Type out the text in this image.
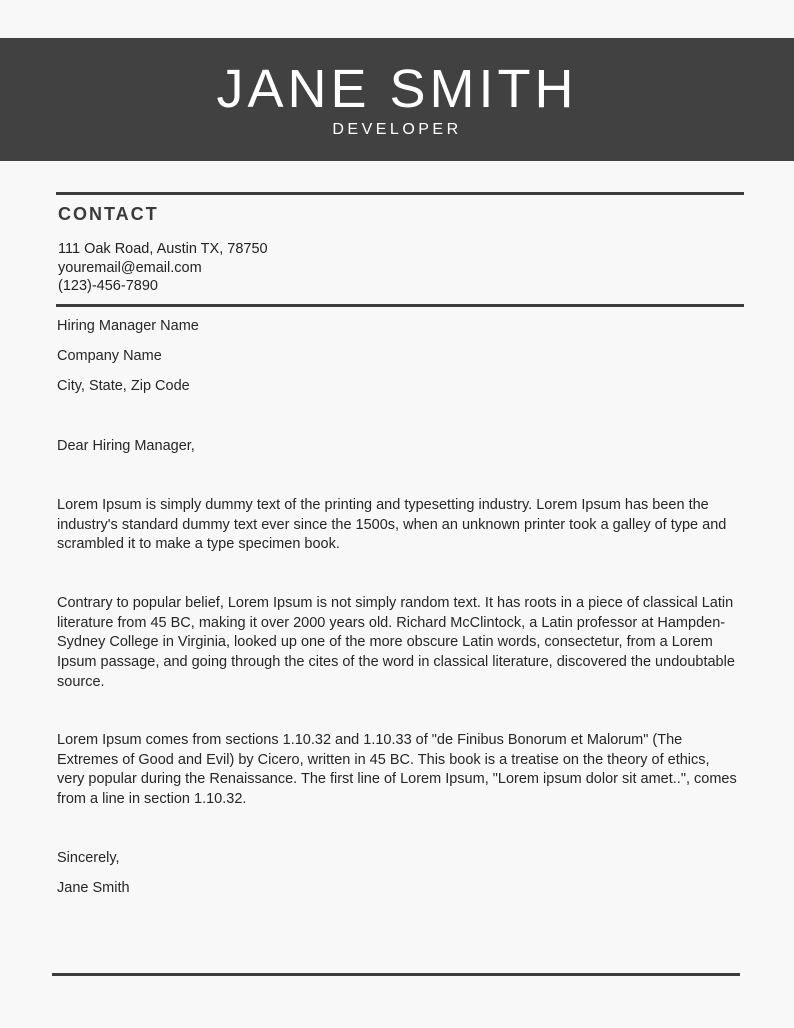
JANE SMITH
DEVELOPER
CONTACT
111 Oak Road, Austin TX, 78750
youremail@email.com
(123)-456-7890

Hiring Manager Name

Company Name

City, State, Zip Code

Dear Hiring Manager,

Lorem Ipsum is simply dummy text of the printing and typesetting industry. Lorem Ipsum has been the industry's standard dummy text ever since the 1500s, when an unknown printer took a galley of type and scrambled it to make a type specimen book.

Contrary to popular belief, Lorem Ipsum is not simply random text. It has roots in a piece of classical Latin literature from 45 BC, making it over 2000 years old. Richard McClintock, a Latin professor at Hampden-Sydney College in Virginia, looked up one of the more obscure Latin words, consectetur, from a Lorem Ipsum passage, and going through the cites of the word in classical literature, discovered the undoubtable source.

Lorem Ipsum comes from sections 1.10.32 and 1.10.33 of "de Finibus Bonorum et Malorum" (The Extremes of Good and Evil) by Cicero, written in 45 BC. This book is a treatise on the theory of ethics, very popular during the Renaissance. The first line of Lorem Ipsum, "Lorem ipsum dolor sit amet..", comes from a line in section 1.10.32.

Sincerely,

Jane Smith
